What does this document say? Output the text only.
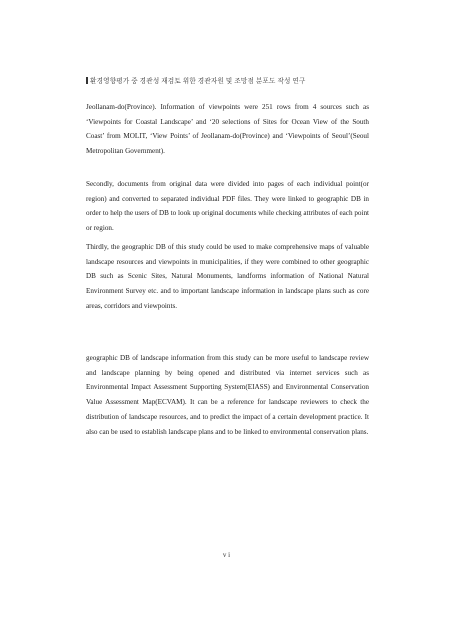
환경영향평가 중 경관성 재검토 위한 경관자원 및 조망점 분포도 작성 연구

Jeollanam-do(Province). Information of viewpoints were 251 rows from 4 sources such as ‘Viewpoints for Coastal Landscape’ and ‘20 selections of Sites for Ocean View of the South Coast’ from MOLIT, ‘View Points’ of Jeollanam-do(Province) and ‘Viewpoints of Seoul’(Seoul Metropolitan Government).

Secondly, documents from original data were divided into pages of each individual point(or region) and converted to separated individual PDF files. They were linked to geographic DB in order to help the users of DB to look up original documents while checking attributes of each point or region.

Thirdly, the geographic DB of this study could be used to make comprehensive maps of valuable landscape resources and viewpoints in municipalities, if they were combined to other geographic DB such as Scenic Sites, Natural Monuments, landforms information of National Natural Environment Survey etc. and to important landscape information in landscape plans such as core areas, corridors and viewpoints.

geographic DB of landscape information from this study can be more useful to landscape review and landscape planning by being opened and distributed via internet services such as Environmental Impact Assessment Supporting System(EIASS) and Environmental Conservation Value Assessment Map(ECVAM). It can be a reference for landscape reviewers to check the distribution of landscape resources, and to predict the impact of a certain development practice. It also can be used to establish landscape plans and to be linked to environmental conservation plans.

v i
